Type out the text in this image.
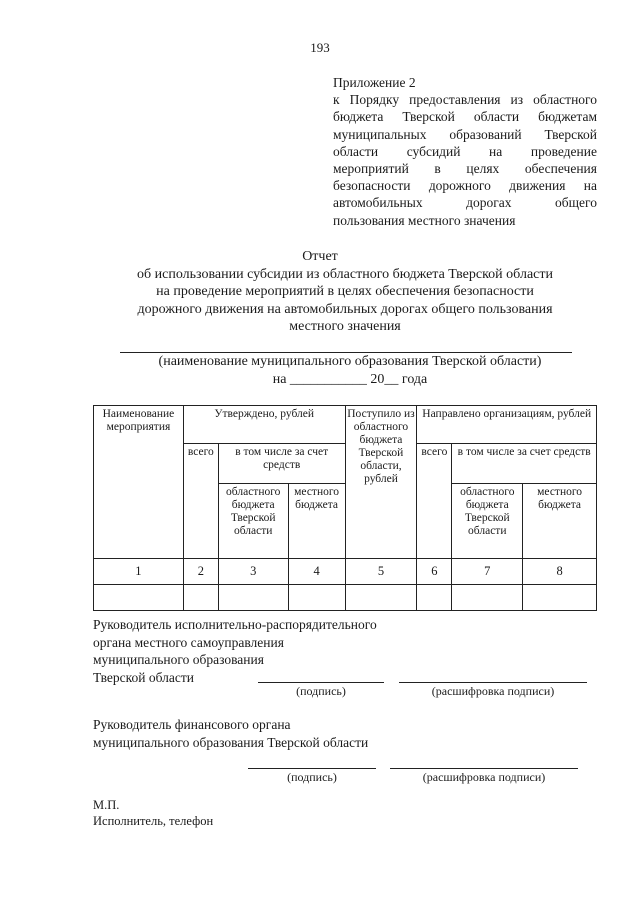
193
Приложение 2
к Порядку предоставления из областного бюджета Тверской области бюджетам муниципальных образований Тверской области субсидий на проведение мероприятий в целях обеспечения безопасности дорожного движения на автомобильных дорогах общего
пользования местного значения
Отчет
об использовании субсидии из областного бюджета Тверской области
на проведение мероприятий в целях обеспечения безопасности
дорожного движения на автомобильных дорогах общего пользования
местного значения
(наименование муниципального образования Тверской области)
на ___________ 20__ года
Наименование мероприятия	Утверждено, рублей			Поступило из областного бюджета Тверской области, рублей	Направлено организациям, рублей		
	всего	в том числе за счет средств			всего	в том числе за счет средств	
		областного бюджета Тверской области	местного бюджета			областного бюджета Тверской области	местного бюджета
1	2	3	4	5	6	7	8

Руководитель исполнительно-распорядительного
органа местного самоуправления
муниципального образования
Тверской области
(подпись)	(расшифровка подписи)
Руководитель финансового органа
муниципального образования Тверской области
(подпись)	(расшифровка подписи)
М.П.
Исполнитель, телефон
